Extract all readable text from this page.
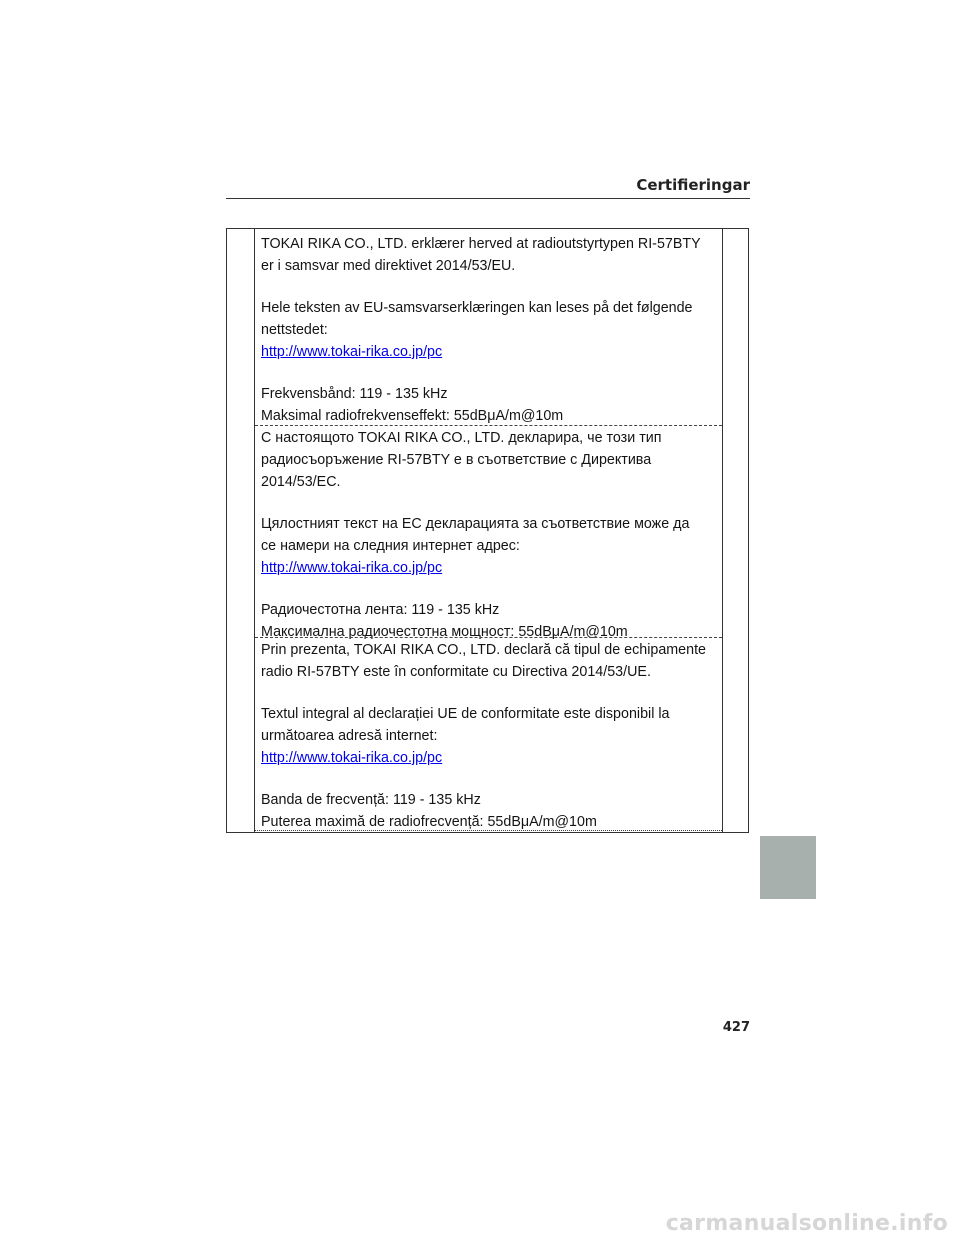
Certifieringar

TOKAI RIKA CO., LTD. erklærer herved at radioutstyrtypen RI-57BTY
er i samsvar med direktivet 2014/53/EU.

Hele teksten av EU-samsvarserklæringen kan leses på det følgende
nettstedet:
http://www.tokai-rika.co.jp/pc

Frekvensbånd: 119 - 135 kHz
Maksimal radiofrekvenseffekt: 55dBμA/m@10m

С настоящото TOKAI RIKA CO., LTD. декларира, че този тип
радиосъоръжение RI-57BTY е в съответствие с Директива
2014/53/ЕС.

Цялостният текст на ЕС декларацията за съответствие може да
се намери на следния интернет адрес:
http://www.tokai-rika.co.jp/pc

Радиочестотна лента: 119 - 135 kHz
Максимална радиочестотна мощност: 55dBμA/m@10m

Prin prezenta, TOKAI RIKA CO., LTD. declară că tipul de echipamente
radio RI-57BTY este în conformitate cu Directiva 2014/53/UE.

Textul integral al declarației UE de conformitate este disponibil la
următoarea adresă internet:
http://www.tokai-rika.co.jp/pc

Banda de frecvență: 119 - 135 kHz
Puterea maximă de radiofrecvență: 55dBμA/m@10m

427
carmanualsonline.info
